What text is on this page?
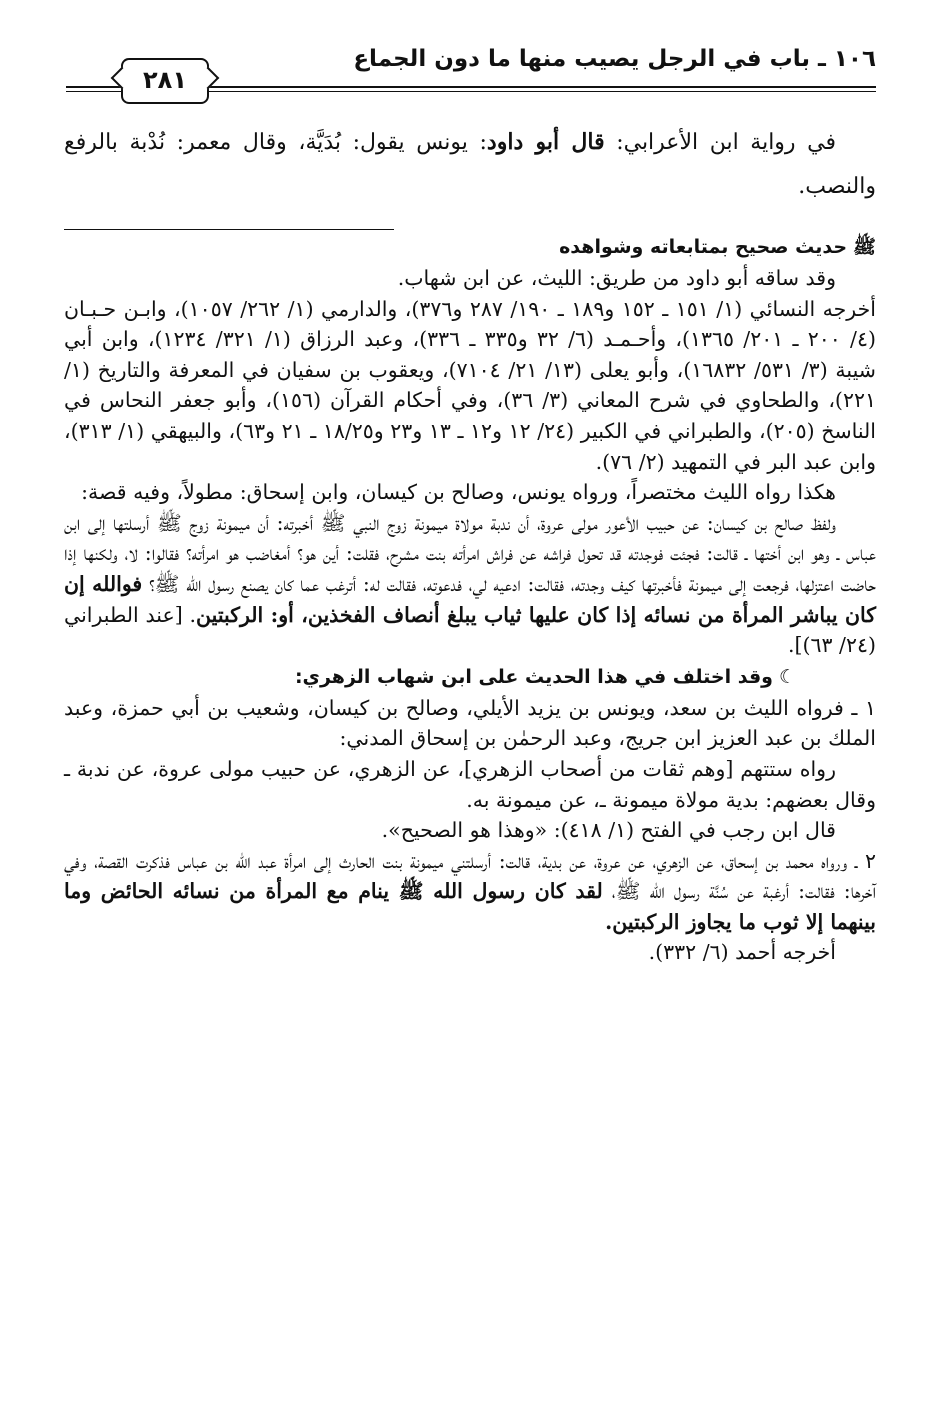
١٠٦ ـ باب في الرجل يصيب منها ما دون الجماع
٢٨١

في رواية ابن الأعرابي: قال أبو داود: يونس يقول: بُدَيَّة، وقال معمر: نُدْبة بالرفع والنصب.

ﷺحديث صحيح بمتابعاته وشواهده

وقد ساقه أبو داود من طريق: الليث، عن ابن شهاب.

أخرجه النسائي (١/ ١٥١ ـ ١٥٢ و١٨٩ ـ ١٩٠/ ٢٨٧ و٣٧٦)، والدارمي (١/ ٢٦٢/ ١٠٥٧)، وابـن حـبـان (٤/ ٢٠٠ ـ ٢٠١/ ١٣٦٥)، وأحـمـد (٦/ ٣٢ و٣٣٥ ـ ٣٣٦)، وعبد الرزاق (١/ ٣٢١/ ١٢٣٤)، وابن أبي شيبة (٣/ ٥٣١/ ١٦٨٣٢)، وأبو يعلى (١٣/ ٢١/ ٧١٠٤)، ويعقوب بن سفيان في المعرفة والتاريخ (١/ ٢٢١)، والطحاوي في شرح المعاني (٣/ ٣٦)، وفي أحكام القرآن (١٥٦)، وأبو جعفر النحاس في الناسخ (٢٠٥)، والطبراني في الكبير (٢٤/ ١٢ و١٢ ـ ١٣ و٢٣ و١٨/٢٥ ـ ٢١ و٦٣)، والبيهقي (١/ ٣١٣)، وابن عبد البر في التمهيد (٢/ ٧٦).

هكذا رواه الليث مختصراً، ورواه يونس، وصالح بن كيسان، وابن إسحاق: مطولاً، وفيه قصة:

ولفظ صالح بن كيسان: عن حبيب الأعور مولى عروة، أن ندبة مولاة ميمونة زوج النبي ﷺ أخبرته: أن ميمونة زوج ﷺ أرسلتها إلى ابن عباس ـ وهو ابن أختها ـ قالت: فجئت فوجدته قد تحول فراشه عن فراش امرأته بنت مشرح، فقلت: أين هو؟ أمغاضب هو امرأته؟ فقالوا: لا، ولكنها إذا حاضت اعتزلها، فرجعت إلى ميمونة فأخبرتها كيف وجدته، فقالت: ادعيه لي، فدعوته، فقالت له: أترغب عما كان يصنع رسول الله ﷺ؟ فوالله إن كان يباشر المرأة من نسائه إذا كان عليها ثياب يبلغ أنصاف الفخذين، أو: الركبتين. [عند الطبراني (٢٤/ ٦٣)].

☾وقد اختلف في هذا الحديث على ابن شهاب الزهري:

١ ـ فرواه الليث بن سعد، ويونس بن يزيد الأيلي، وصالح بن كيسان، وشعيب بن أبي حمزة، وعبد الملك بن عبد العزيز ابن جريج، وعبد الرحمٰن بن إسحاق المدني:

رواه ستتهم [وهم ثقات من أصحاب الزهري]، عن الزهري، عن حبيب مولى عروة، عن ندبة ـ وقال بعضهم: بدية مولاة ميمونة ـ، عن ميمونة به.

قال ابن رجب في الفتح (١/ ٤١٨): «وهذا هو الصحيح».

٢ ـ ورواه محمد بن إسحاق، عن الزهري، عن عروة، عن بدية، قالت: أرسلتني ميمونة بنت الحارث إلى امرأة عبد الله بن عباس فذكرت القصة، وفي آخرها: فقالت: أرغبة عن سُنَّة رسول الله ﷺ، لقد كان رسول الله ﷺ ينام مع المرأة من نسائه الحائض وما بينهما إلا ثوب ما يجاوز الركبتين.

أخرجه أحمد (٦/ ٣٣٢).
